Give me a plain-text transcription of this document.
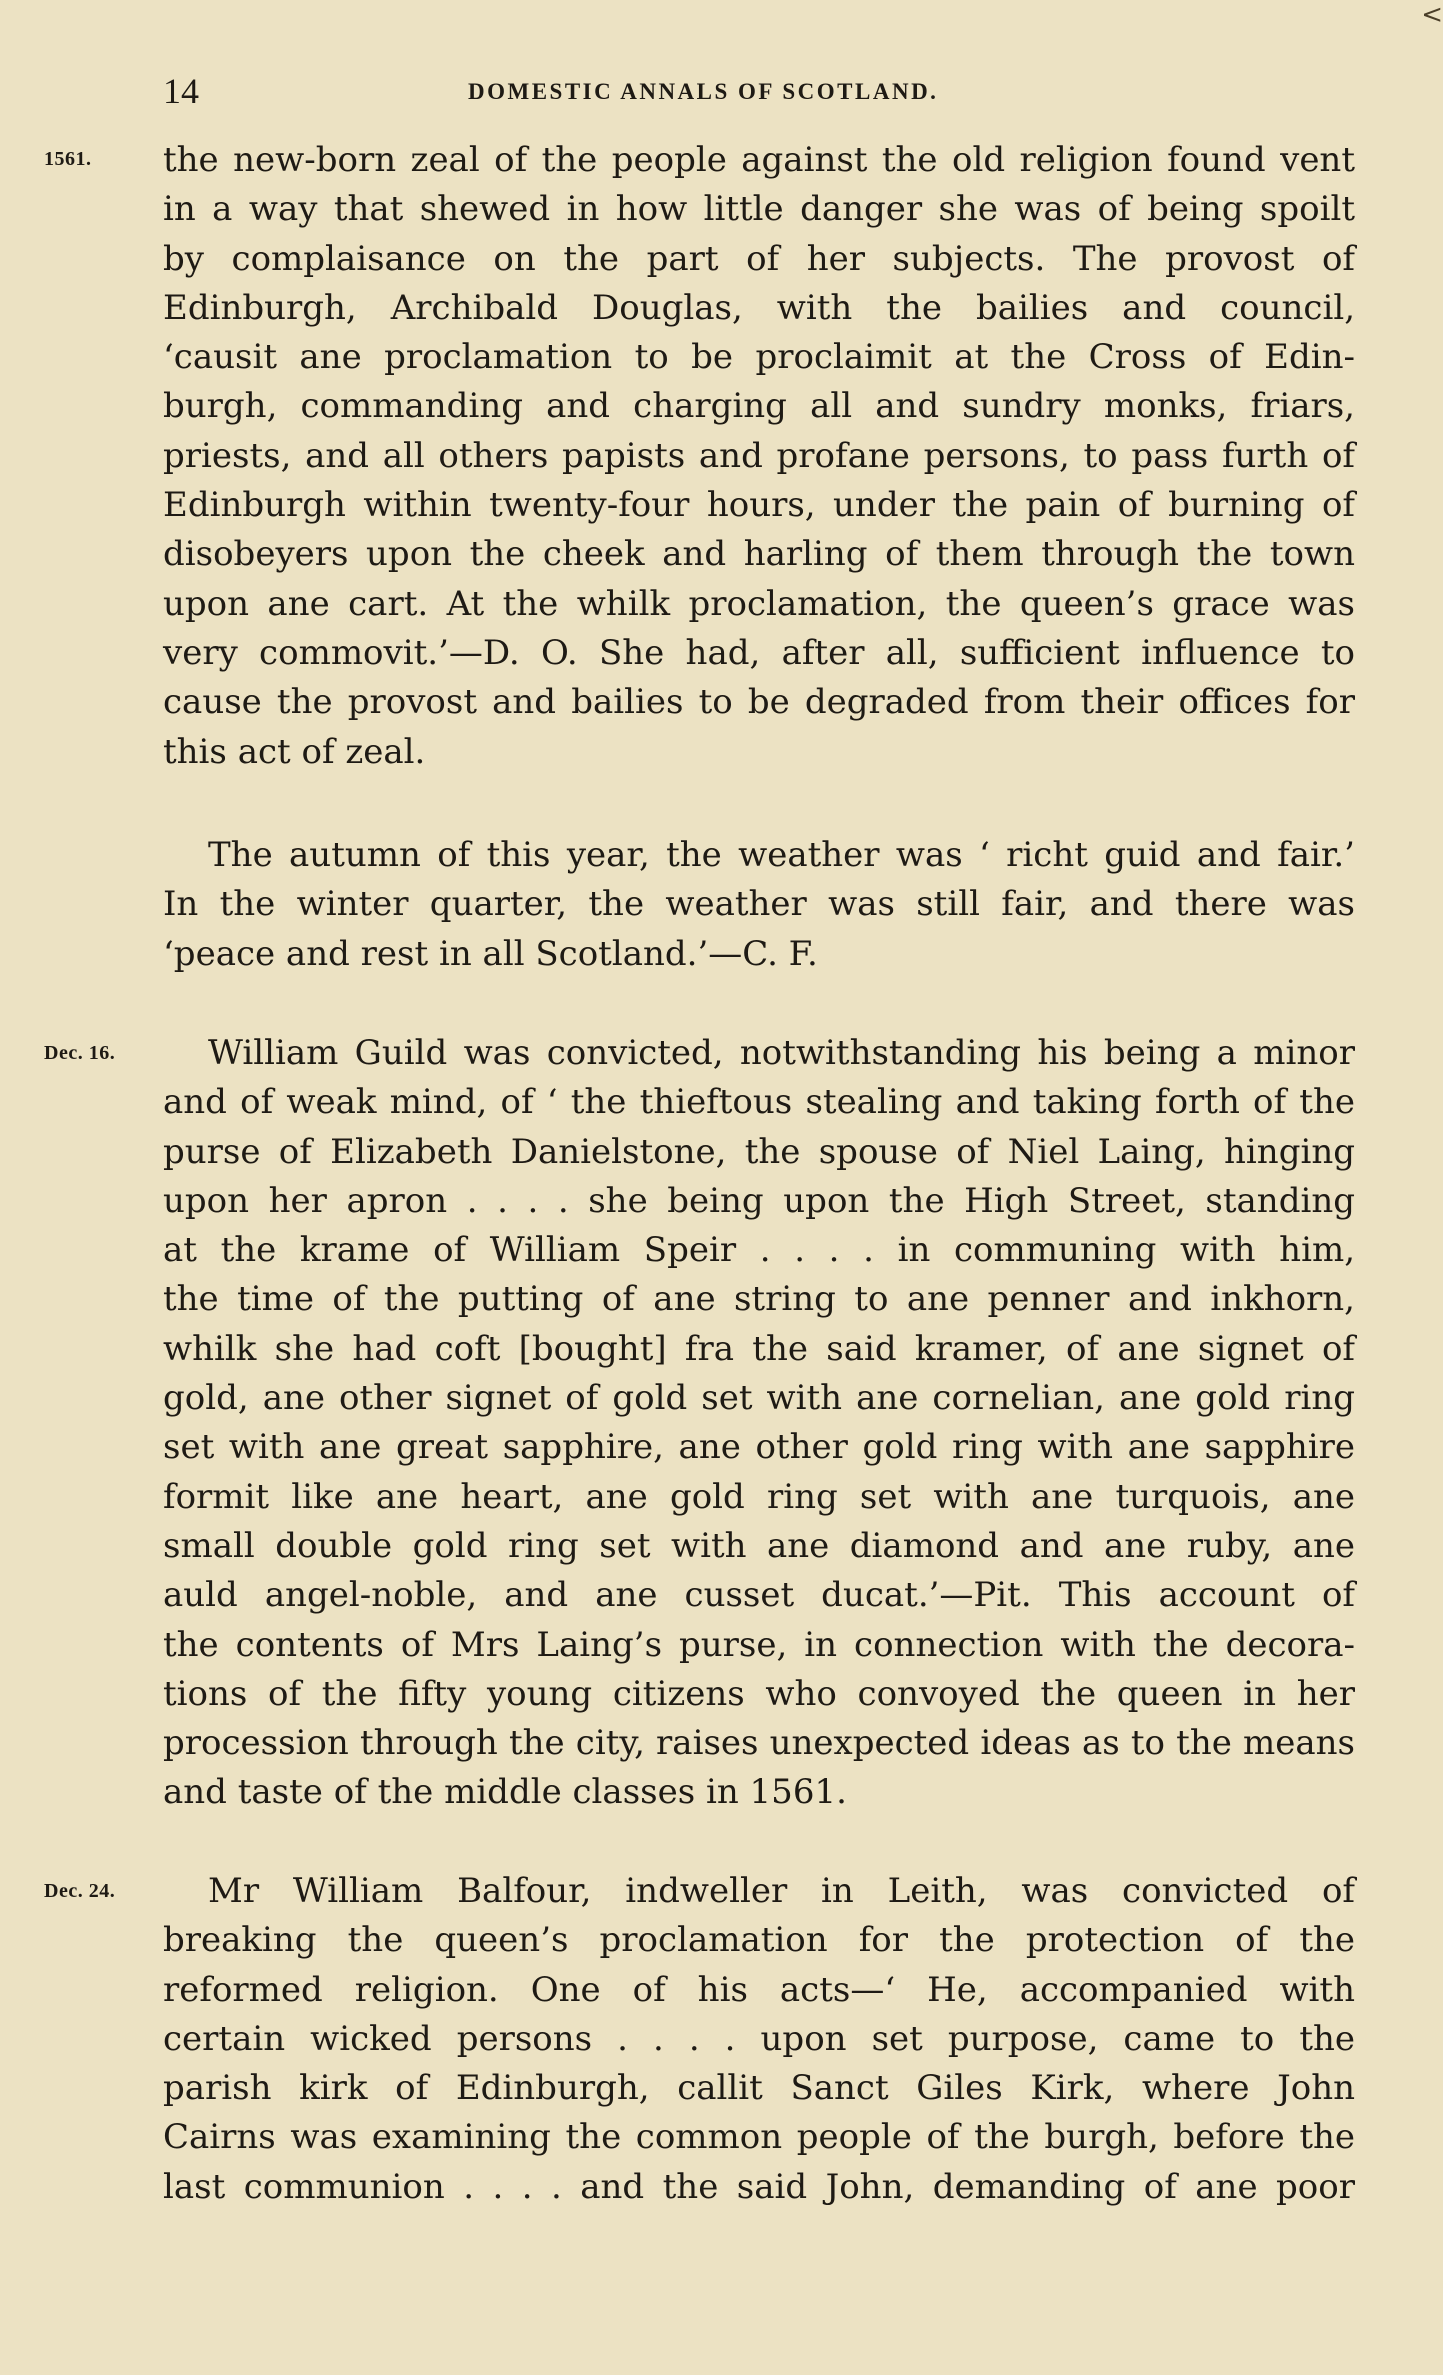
<
14	DOMESTIC ANNALS OF SCOTLAND.
1561.	the new-born zeal of the people against the old religion found vent
in a way that shewed in how little danger she was of being spoilt
by complaisance on the part of her subjects. The provost of
Edinburgh, Archibald Douglas, with the bailies and council,
‘causit ane proclamation to be proclaimit at the Cross of Edin-
burgh, commanding and charging all and sundry monks, friars,
priests, and all others papists and profane persons, to pass furth of
Edinburgh within twenty-four hours, under the pain of burning of
disobeyers upon the cheek and harling of them through the town
upon ane cart. At the whilk proclamation, the queen’s grace was
very commovit.’—D. O. She had, after all, sufficient influence to
cause the provost and bailies to be degraded from their offices for
this act of zeal.
The autumn of this year, the weather was ‘ richt guid and fair.’
In the winter quarter, the weather was still fair, and there was
‘peace and rest in all Scotland.’—C. F.
Dec. 16.	William Guild was convicted, notwithstanding his being a minor
and of weak mind, of ‘ the thieftous stealing and taking forth of the
purse of Elizabeth Danielstone, the spouse of Niel Laing, hinging
upon her apron . . . . she being upon the High Street, standing
at the krame of William Speir . . . . in communing with him,
the time of the putting of ane string to ane penner and inkhorn,
whilk she had coft [bought] fra the said kramer, of ane signet of
gold, ane other signet of gold set with ane cornelian, ane gold ring
set with ane great sapphire, ane other gold ring with ane sapphire
formit like ane heart, ane gold ring set with ane turquois, ane
small double gold ring set with ane diamond and ane ruby, ane
auld angel-noble, and ane cusset ducat.’—Pit. This account of
the contents of Mrs Laing’s purse, in connection with the decora-
tions of the fifty young citizens who convoyed the queen in her
procession through the city, raises unexpected ideas as to the means
and taste of the middle classes in 1561.
Dec. 24.	Mr William Balfour, indweller in Leith, was convicted of
breaking the queen’s proclamation for the protection of the
reformed religion. One of his acts—‘ He, accompanied with
certain wicked persons . . . . upon set purpose, came to the
parish kirk of Edinburgh, callit Sanct Giles Kirk, where John
Cairns was examining the common people of the burgh, before the
last communion . . . . and the said John, demanding of ane poor
